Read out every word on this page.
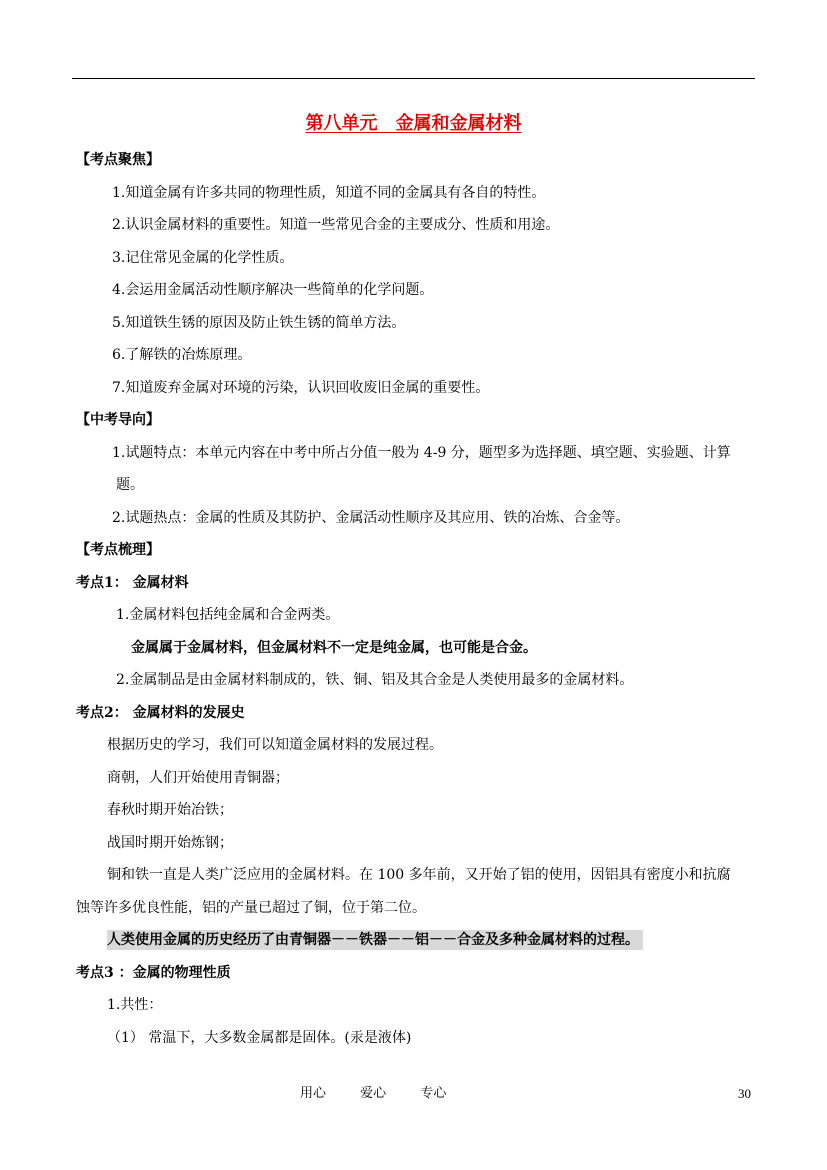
第八单元　金属和金属材料
【考点聚焦】
1.知道金属有许多共同的物理性质，知道不同的金属具有各自的特性。
2.认识金属材料的重要性。知道一些常见合金的主要成分、性质和用途。
3.记住常见金属的化学性质。
4.会运用金属活动性顺序解决一些简单的化学问题。
5.知道铁生锈的原因及防止铁生锈的简单方法。
6.了解铁的冶炼原理。
7.知道废弃金属对环境的污染，认识回收废旧金属的重要性。
【中考导向】
1.试题特点：本单元内容在中考中所占分值一般为 4-9 分，题型多为选择题、填空题、实验题、计算
题。
2.试题热点：金属的性质及其防护、金属活动性顺序及其应用、铁的冶炼、合金等。
【考点梳理】
考点1： 金属材料
1.金属材料包括纯金属和合金两类。
金属属于金属材料，但金属材料不一定是纯金属，也可能是合金。
2.金属制品是由金属材料制成的，铁、铜、铝及其合金是人类使用最多的金属材料。
考点2： 金属材料的发展史
根据历史的学习，我们可以知道金属材料的发展过程。
商朝，人们开始使用青铜器；
春秋时期开始冶铁；
战国时期开始炼钢；
铜和铁一直是人类广泛应用的金属材料。在 100 多年前，又开始了铝的使用，因铝具有密度小和抗腐
蚀等许多优良性能，铝的产量已超过了铜，位于第二位。
人类使用金属的历史经历了由青铜器－－铁器－－铝－－合金及多种金属材料的过程。
考点3 ：金属的物理性质
1.共性：
（1） 常温下，大多数金属都是固体。(汞是液体)
用心	爱心	专心	30
